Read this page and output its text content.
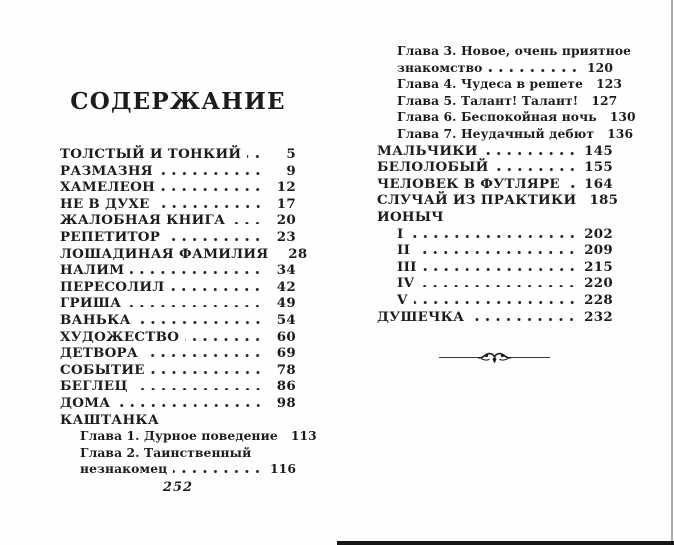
СОДЕРЖАНИЕ
ТОЛСТЫЙ И ТОНКИЙ	5
РАЗМАЗНЯ	9
ХАМЕЛЕОН	12
НЕ В ДУХЕ	17
ЖАЛОБНАЯ КНИГА	20
РЕПЕТИТОР	23
ЛОШАДИНАЯ ФАМИЛИЯ	28
НАЛИМ	34
ПЕРЕСОЛИЛ	42
ГРИША	49
ВАНЬКА	54
ХУДОЖЕСТВО	60
ДЕТВОРА	69
СОБЫТИЕ	78
БЕГЛЕЦ	86
ДОМА	98
КАШТАНКА
Глава 1. Дурное поведение 113
Глава 2. Таинственный
незнакомец	116
Глава 3. Новое, очень приятное
знакомство	120
Глава 4. Чудеса в решете 123
Глава 5. Талант! Талант! 127
Глава 6. Беспокойная ночь 130
Глава 7. Неудачный дебют 136
МАЛЬЧИКИ	145
БЕЛОЛОБЫЙ	155
ЧЕЛОВЕК В ФУТЛЯРЕ 164
СЛУЧАЙ ИЗ ПРАКТИКИ 185
ИОНЫЧ
I	202
II	209
III	215
IV	220
V	228
ДУШЕЧКА	232
252
